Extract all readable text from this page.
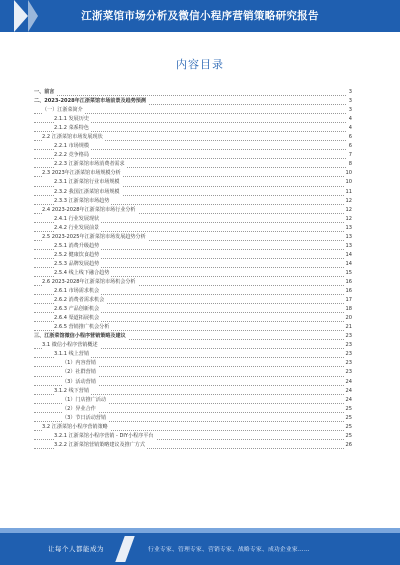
江浙菜馆市场分析及微信小程序营销策略研究报告
内容目录
一、前言	3
二、2023-2028年江浙菜馆市场前景及趋势预测	3
（一）江浙菜简介	3
2.1.1 发展历史	4
2.1.2 菜系特色	4
2.2 江浙菜馆市场发展现状	6
2.2.1 市场规模	6
2.2.2 竞争格局	7
2.2.3 江浙菜馆市场消费者需求	8
2.3 2023年江浙菜馆市场规模分析	10
2.3.1 江浙菜馆行业市场规模	10
2.3.2 我国江浙菜馆市场规模	11
2.3.3 江浙菜馆市场趋势	12
2.4 2023-2028年江浙菜馆市场行业分析	12
2.4.1 行业发展现状	12
2.4.2 行业发展前景	13
2.5 2023-2025年江浙菜馆市场发展趋势分析	13
2.5.1 消费升级趋势	13
2.5.2 健康饮食趋势	14
2.5.3 品牌发展趋势	14
2.5.4 线上线下融合趋势	15
2.6 2023-2028年江浙菜馆市场机会分析	16
2.6.1 市场需求机会	16
2.6.2 消费者需求机会	17
2.6.3 产品创新机会	18
2.6.4 渠道拓展机会	20
2.6.5 营销推广机会分析	21
三、江浙菜馆微信小程序营销策略及建议	23
3.1 微信小程序营销概述	23
3.1.1 线上营销	23
（1）内容营销	23
（2）社群营销	23
（3）活动营销	24
3.1.2 线下营销	24
（1）门店推广活动	24
（2）异业合作	25
（3）节日活动营销	25
3.2 江浙菜馆小程序营销策略	25
3.2.1 江浙菜馆小程序营销 - DIY小程序平台	25
3.2.2 江浙菜馆营销策略建议及推广方式	26
让每个人都能成为	行业专家、管理专家、营销专家、战略专家、成功企业家……
